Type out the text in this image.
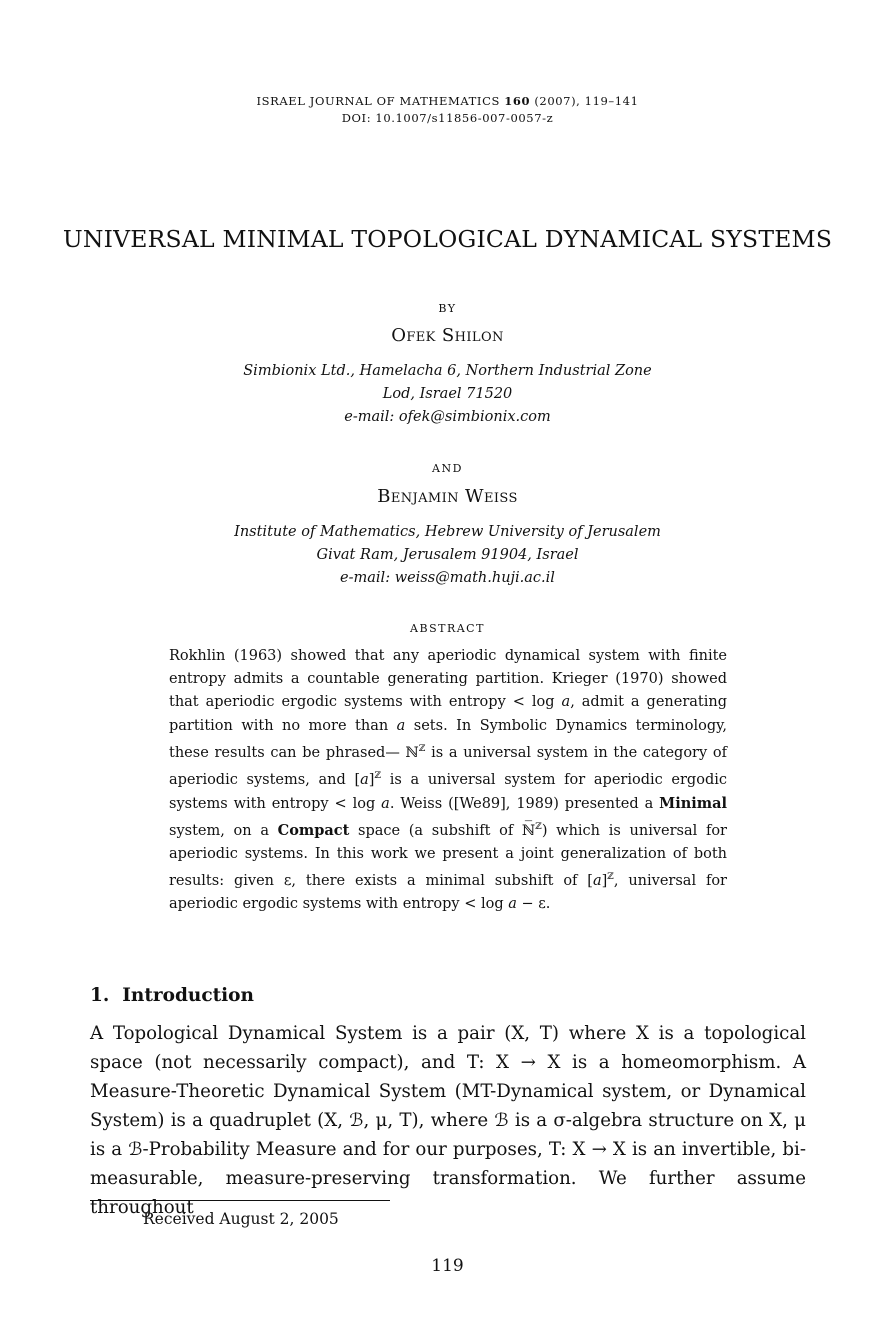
ISRAEL JOURNAL OF MATHEMATICS 160 (2007), 119–141
DOI: 10.1007/s11856-007-0057-z
UNIVERSAL MINIMAL TOPOLOGICAL DYNAMICAL SYSTEMS
BY
Ofek Shilon
Simbionix Ltd., Hamelacha 6, Northern Industrial Zone
Lod, Israel 71520
e-mail: ofek@simbionix.com
AND
Benjamin Weiss
Institute of Mathematics, Hebrew University of Jerusalem
Givat Ram, Jerusalem 91904, Israel
e-mail: weiss@math.huji.ac.il
ABSTRACT

Rokhlin (1963) showed that any aperiodic dynamical system with finite entropy admits a countable generating partition. Krieger (1970) showed that aperiodic ergodic systems with entropy < log a, admit a generating partition with no more than a sets. In Symbolic Dynamics terminology, these results can be phrased— ℕ$^ℤ$ is a universal system in the category of aperiodic systems, and $[a]^ℤ$ is a universal system for aperiodic ergodic systems with entropy < log a. Weiss ([We89], 1989) presented a Minimal system, on a Compact space (a subshift of ℕ̅$^ℤ$) which is universal for aperiodic systems. In this work we present a joint generalization of both results: given ε, there exists a minimal subshift of $[a]^ℤ$, universal for aperiodic ergodic systems with entropy < log a − ε.

1. Introduction

A Topological Dynamical System is a pair (X, T) where X is a topological space (not necessarily compact), and T: X → X is a homeomorphism. A Measure-Theoretic Dynamical System (MT-Dynamical system, or Dynamical System) is a quadruplet (X, ℬ, μ, T), where ℬ is a σ-algebra structure on X, μ is a ℬ-Probability Measure and for our purposes, T: X → X is an invertible, bi-measurable, measure-preserving transformation. We further assume throughout

Received August 2, 2005
119
